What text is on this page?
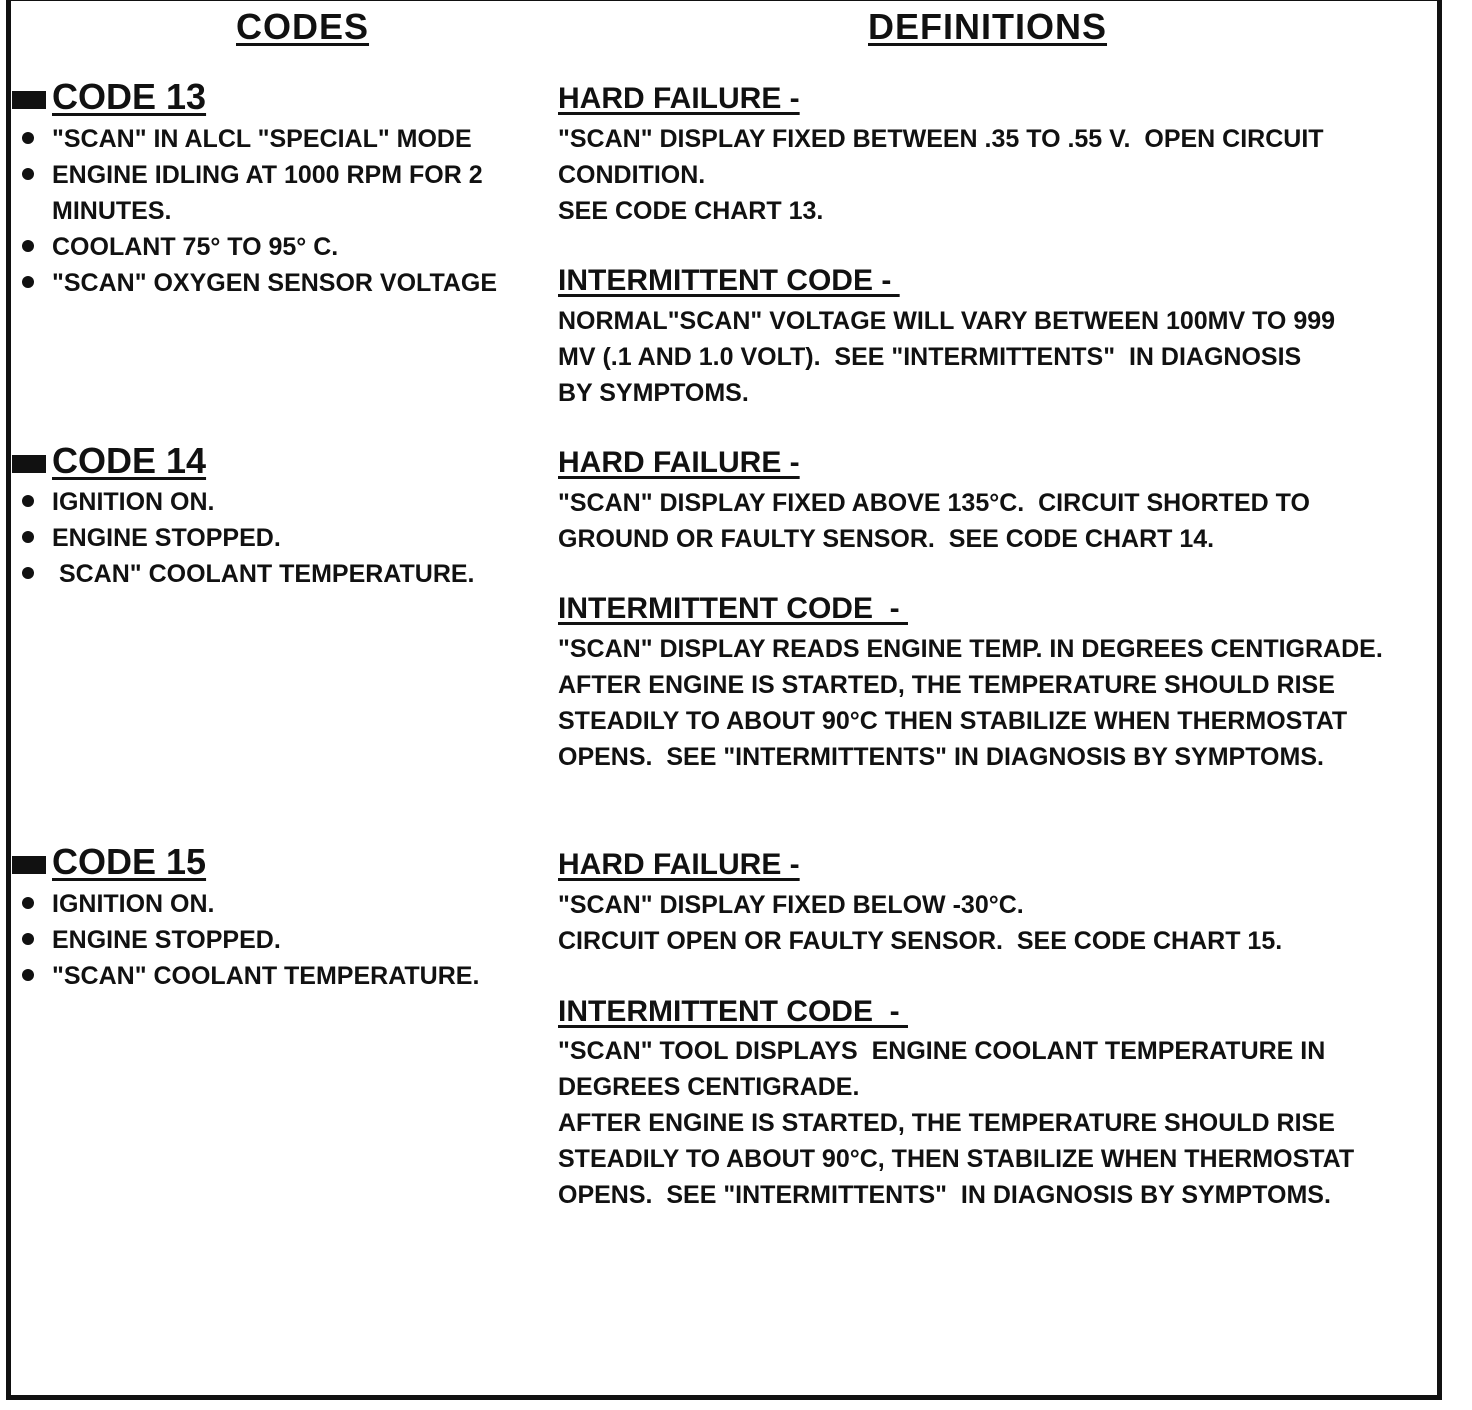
CODES	DEFINITIONS
CODE 13
"SCAN" IN ALCL "SPECIAL" MODE
ENGINE IDLING AT 1000 RPM FOR 2 MINUTES.
COOLANT 75° TO 95° C.
"SCAN" OXYGEN SENSOR VOLTAGE
HARD FAILURE -
"SCAN" DISPLAY FIXED BETWEEN .35 TO .55 V.  OPEN CIRCUIT
CONDITION.
SEE CODE CHART 13.
INTERMITTENT CODE -
NORMAL"SCAN" VOLTAGE WILL VARY BETWEEN 100MV TO 999
MV (.1 AND 1.0 VOLT).  SEE "INTERMITTENTS"  IN DIAGNOSIS
BY SYMPTOMS.
CODE 14
IGNITION ON.
ENGINE STOPPED.
SCAN" COOLANT TEMPERATURE.
HARD FAILURE -
"SCAN" DISPLAY FIXED ABOVE 135°C.  CIRCUIT SHORTED TO
GROUND OR FAULTY SENSOR.  SEE CODE CHART 14.
INTERMITTENT CODE  -
"SCAN" DISPLAY READS ENGINE TEMP. IN DEGREES CENTIGRADE.
AFTER ENGINE IS STARTED, THE TEMPERATURE SHOULD RISE
STEADILY TO ABOUT 90°C THEN STABILIZE WHEN THERMOSTAT
OPENS.  SEE "INTERMITTENTS" IN DIAGNOSIS BY SYMPTOMS.
CODE 15
IGNITION ON.
ENGINE STOPPED.
"SCAN" COOLANT TEMPERATURE.
HARD FAILURE -
"SCAN" DISPLAY FIXED BELOW -30°C.
CIRCUIT OPEN OR FAULTY SENSOR.  SEE CODE CHART 15.
INTERMITTENT CODE  -
"SCAN" TOOL DISPLAYS  ENGINE COOLANT TEMPERATURE IN
DEGREES CENTIGRADE.
AFTER ENGINE IS STARTED, THE TEMPERATURE SHOULD RISE
STEADILY TO ABOUT 90°C, THEN STABILIZE WHEN THERMOSTAT
OPENS.  SEE "INTERMITTENTS"  IN DIAGNOSIS BY SYMPTOMS.
